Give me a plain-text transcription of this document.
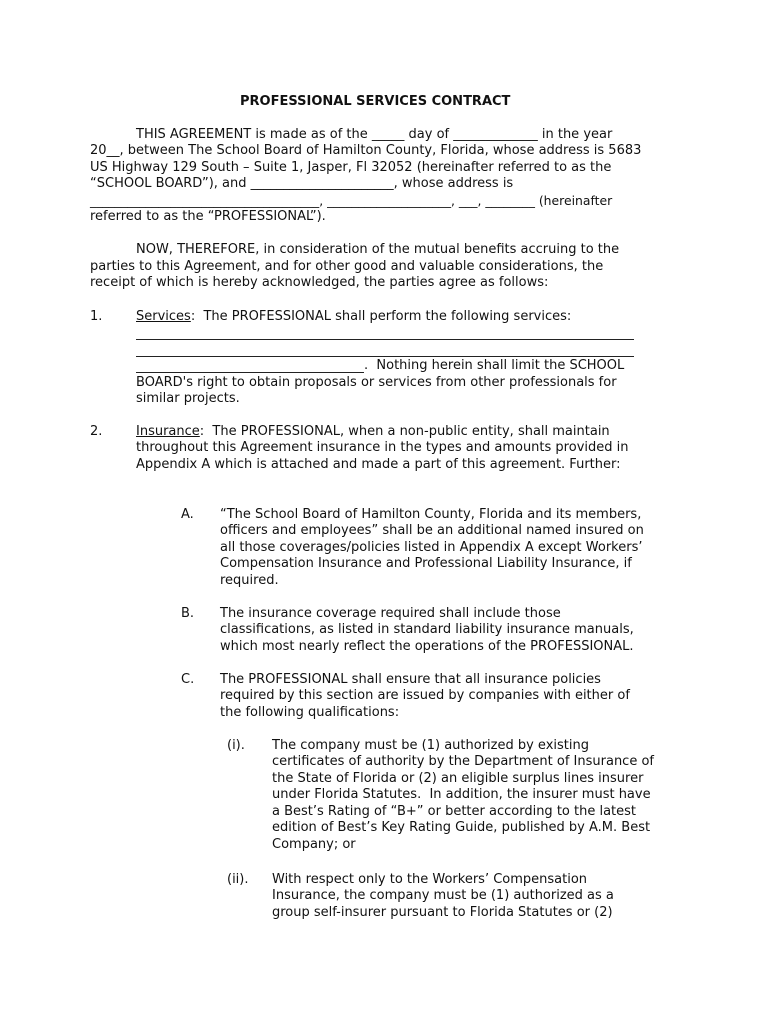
PROFESSIONAL SERVICES CONTRACT
THIS AGREEMENT is made as of the _____ day of _____________ in the year
20__, between The School Board of Hamilton County, Florida, whose address is 5683
US Highway 129 South – Suite 1, Jasper, Fl 32052 (hereinafter referred to as the
“SCHOOL BOARD”), and ______________________, whose address is
_____________________________________, ____________________, ___, ________ (hereinafter
referred to as the “PROFESSIONAL”).
NOW, THEREFORE, in consideration of the mutual benefits accruing to the
parties to this Agreement, and for other good and valuable considerations, the
receipt of which is hereby acknowledged, the parties agree as follows:
1.	Services:  The PROFESSIONAL shall perform the following services:
.  Nothing herein shall limit the SCHOOL
BOARD's right to obtain proposals or services from other professionals for
similar projects.
2.	Insurance:  The PROFESSIONAL, when a non-public entity, shall maintain
throughout this Agreement insurance in the types and amounts provided in
Appendix A which is attached and made a part of this agreement. Further:
A. “The School Board of Hamilton County, Florida and its members,
officers and employees” shall be an additional named insured on
all those coverages/policies listed in Appendix A except Workers’
Compensation Insurance and Professional Liability Insurance, if
required.
B. The insurance coverage required shall include those
classifications, as listed in standard liability insurance manuals,
which most nearly reflect the operations of the PROFESSIONAL.
C. The PROFESSIONAL shall ensure that all insurance policies
required by this section are issued by companies with either of
the following qualifications:
(i). The company must be (1) authorized by existing
certificates of authority by the Department of Insurance of
the State of Florida or (2) an eligible surplus lines insurer
under Florida Statutes.  In addition, the insurer must have
a Best’s Rating of “B+” or better according to the latest
edition of Best’s Key Rating Guide, published by A.M. Best
Company; or
(ii). With respect only to the Workers’ Compensation
Insurance, the company must be (1) authorized as a
group self-insurer pursuant to Florida Statutes or (2)
